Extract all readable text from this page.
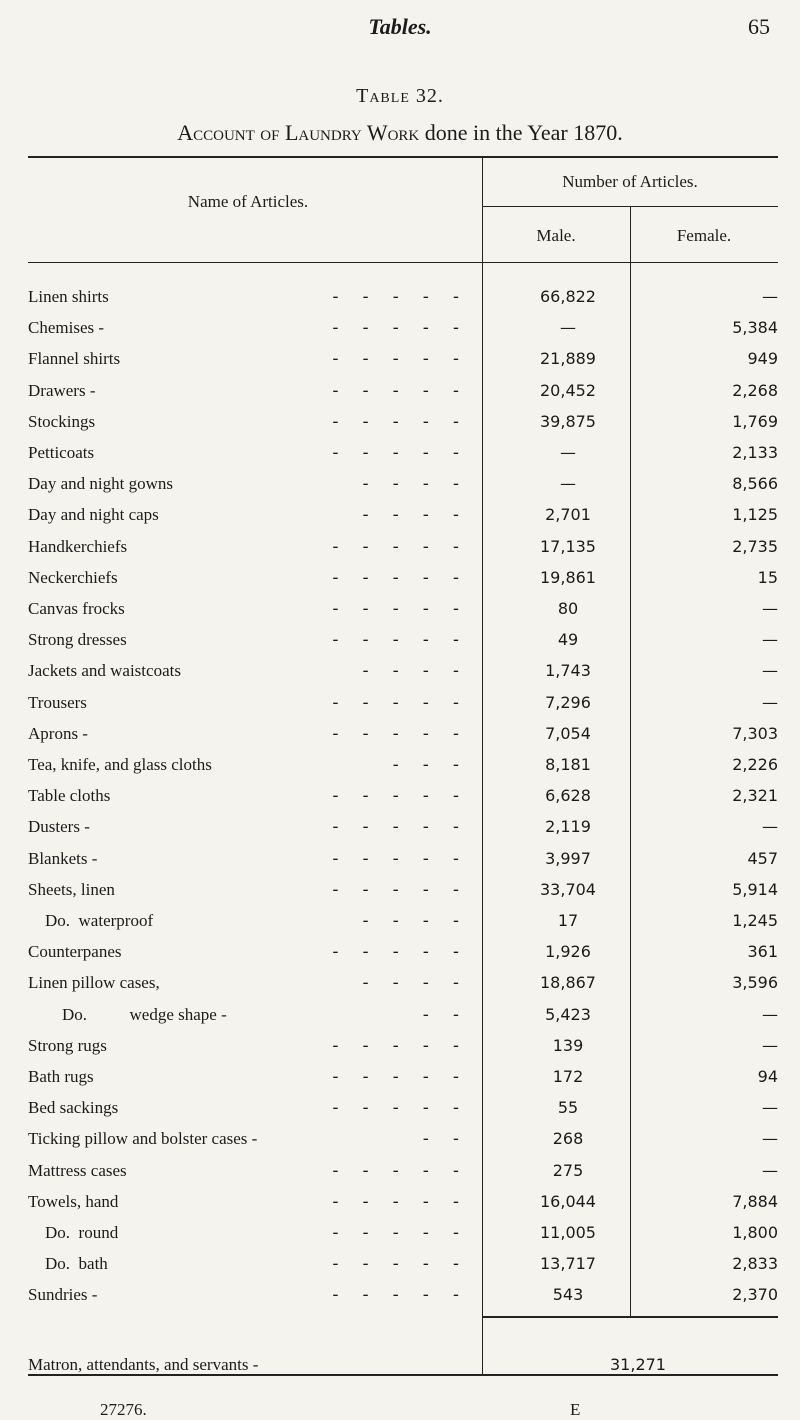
Tables.	65
Table 32.
Account of Laundry Work done in the Year 1870.
Name of Articles.
Number of Articles.
Male.	Female.
Linen shirts	-----	66,822	—
Chemises -	-----	—	5,384
Flannel shirts	-----	21,889	949
Drawers -	-----	20,452	2,268
Stockings	-----	39,875	1,769
Petticoats	-----	—	2,133
Day and night gowns	----	—	8,566
Day and night caps	----	2,701	1,125
Handkerchiefs	-----	17,135	2,735
Neckerchiefs	-----	19,861	15
Canvas frocks	-----	80	—
Strong dresses	-----	49	—
Jackets and waistcoats	----	1,743	—
Trousers	-----	7,296	—
Aprons -	-----	7,054	7,303
Tea, knife, and glass cloths	---	8,181	2,226
Table cloths	-----	6,628	2,321
Dusters -	-----	2,119	—
Blankets -	-----	3,997	457
Sheets, linen	-----	33,704	5,914
Do.  waterproof	----	17	1,245
Counterpanes	-----	1,926	361
Linen pillow cases,	----	18,867	3,596
Do.          wedge shape -	--	5,423	—
Strong rugs	-----	139	—
Bath rugs	-----	172	94
Bed sackings	-----	55	—
Ticking pillow and bolster cases -	--	268	—
Mattress cases	-----	275	—
Towels, hand	-----	16,044	7,884
Do.  round	-----	11,005	1,800
Do.  bath	-----	13,717	2,833
Sundries -	-----	543	2,370
Matron, attendants, and servants -	31,271
27276.	E
